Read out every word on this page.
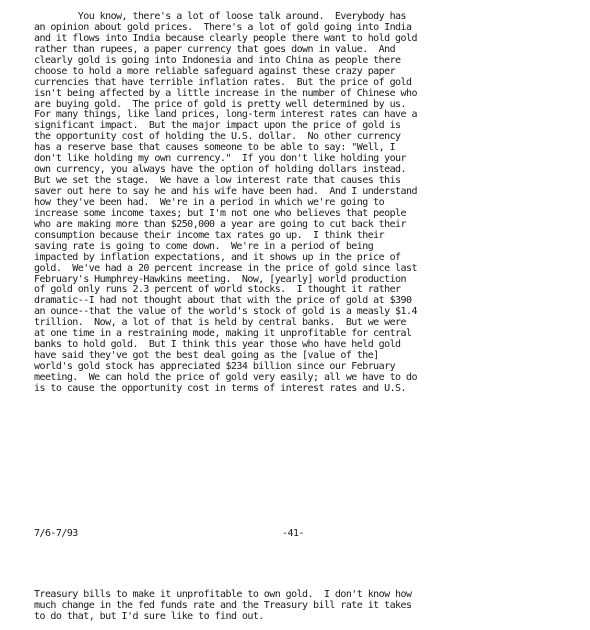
You know, there's a lot of loose talk around.  Everybody has
an opinion about gold prices.  There's a lot of gold going into India
and it flows into India because clearly people there want to hold gold
rather than rupees, a paper currency that goes down in value.  And
clearly gold is going into Indonesia and into China as people there
choose to hold a more reliable safeguard against these crazy paper
currencies that have terrible inflation rates.  But the price of gold
isn't being affected by a little increase in the number of Chinese who
are buying gold.  The price of gold is pretty well determined by us.
For many things, like land prices, long-term interest rates can have a
significant impact.  But the major impact upon the price of gold is
the opportunity cost of holding the U.S. dollar.  No other currency
has a reserve base that causes someone to be able to say: "Well, I
don't like holding my own currency."  If you don't like holding your
own currency, you always have the option of holding dollars instead.
But we set the stage.  We have a low interest rate that causes this
saver out here to say he and his wife have been had.  And I understand
how they've been had.  We're in a period in which we're going to
increase some income taxes; but I'm not one who believes that people
who are making more than $250,000 a year are going to cut back their
consumption because their income tax rates go up.  I think their
saving rate is going to come down.  We're in a period of being
impacted by inflation expectations, and it shows up in the price of
gold.  We've had a 20 percent increase in the price of gold since last
February's Humphrey-Hawkins meeting.  Now, [yearly] world production
of gold only runs 2.3 percent of world stocks.  I thought it rather
dramatic--I had not thought about that with the price of gold at $390
an ounce--that the value of the world's stock of gold is a measly $1.4
trillion.  Now, a lot of that is held by central banks.  But we were
at one time in a restraining mode, making it unprofitable for central
banks to hold gold.  But I think this year those who have held gold
have said they've got the best deal going as the [value of the]
world's gold stock has appreciated $234 billion since our February
meeting.  We can hold the price of gold very easily; all we have to do
is to cause the opportunity cost in terms of interest rates and U.S.
7/6-7/93	-41-
Treasury bills to make it unprofitable to own gold.  I don't know how
much change in the fed funds rate and the Treasury bill rate it takes
to do that, but I'd sure like to find out.
